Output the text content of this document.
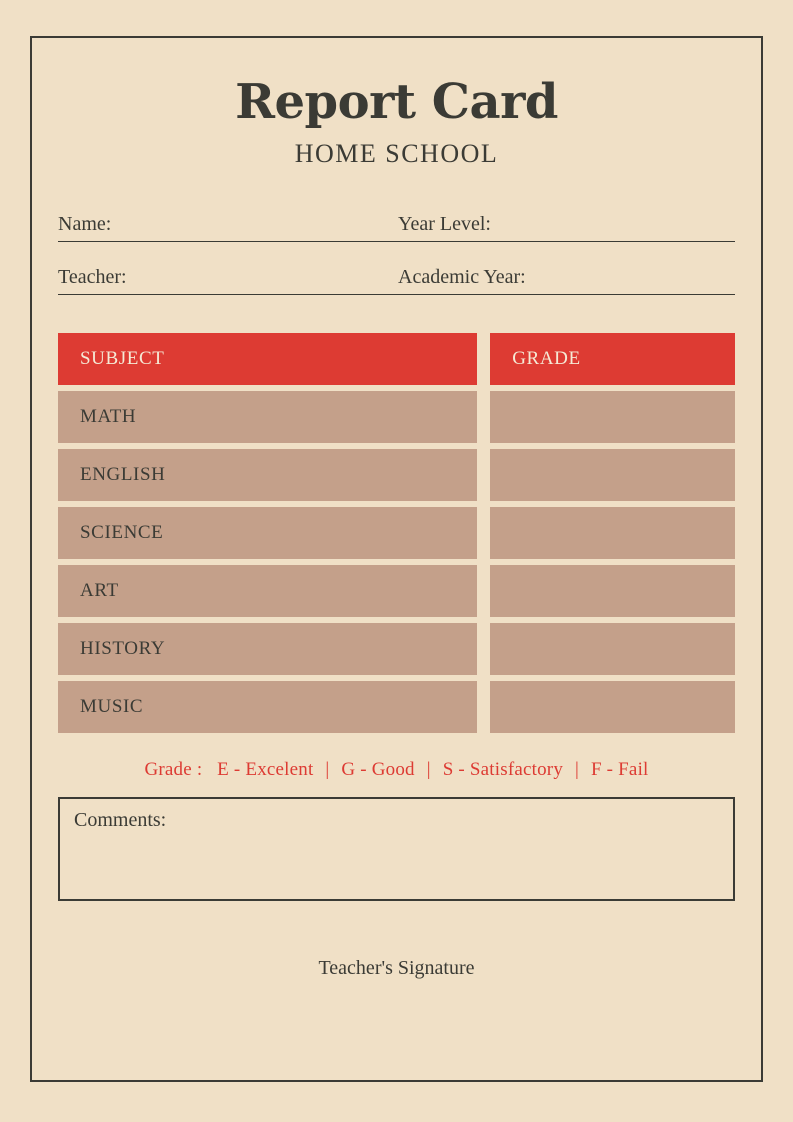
Report Card
HOME SCHOOL
Name:	Year Level:
Teacher:	Academic Year:
SUBJECT	GRADE
MATH
ENGLISH
SCIENCE
ART
HISTORY
MUSIC
Grade : E - Excelent | G - Good | S - Satisfactory | F - Fail
Comments:
Teacher's Signature
